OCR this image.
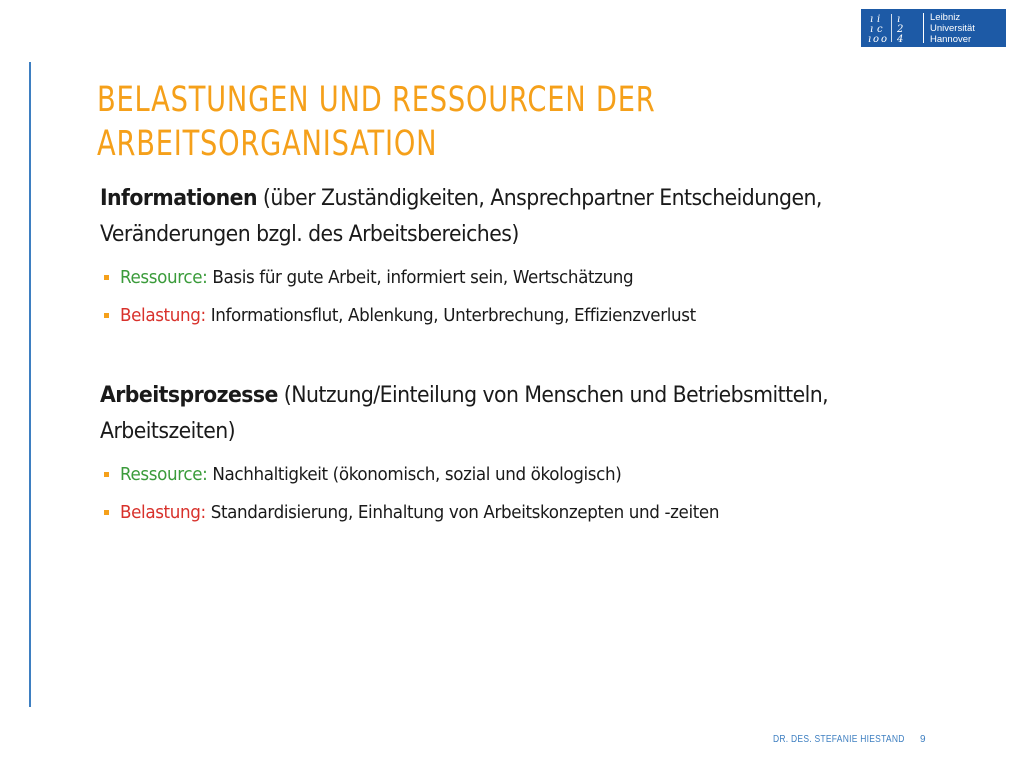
ı i ı
ı c 2
ı o o 4
Leibniz
Universität
Hannover
BELASTUNGEN UND RESSOURCEN DER
ARBEITSORGANISATION

Informationen (über Zuständigkeiten, Ansprechpartner Entscheidungen, Veränderungen bzgl. des Arbeitsbereiches)

Ressource: Basis für gute Arbeit, informiert sein, Wertschätzung
Belastung: Informationsflut, Ablenkung, Unterbrechung, Effizienzverlust

Arbeitsprozesse (Nutzung/Einteilung von Menschen und Betriebsmitteln, Arbeitszeiten)

Ressource: Nachhaltigkeit (ökonomisch, sozial und ökologisch)
Belastung: Standardisierung, Einhaltung von Arbeitskonzepten und -zeiten
DR. DES. STEFANIE HIESTAND 9
